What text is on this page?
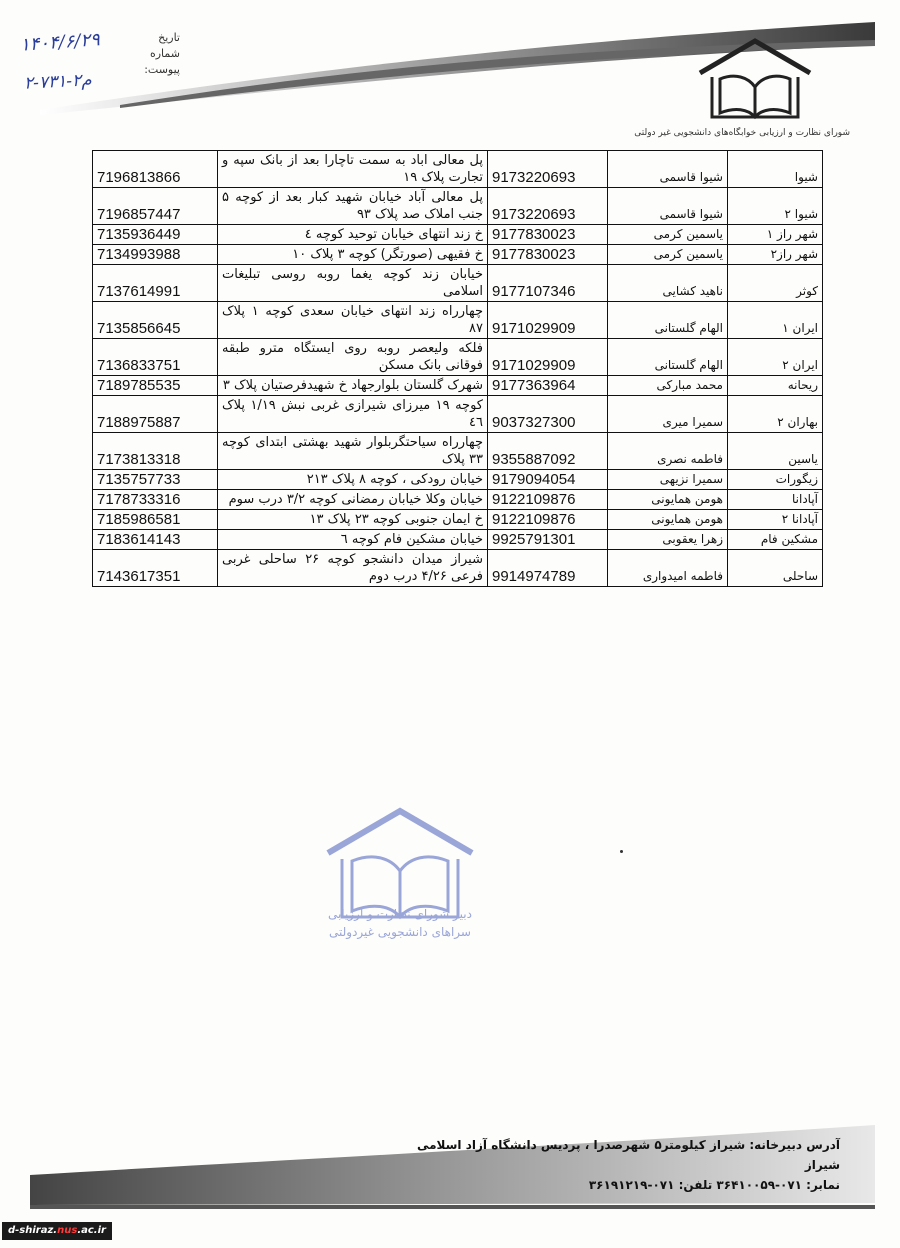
تاریخ
شماره
پیوست:
۱۴۰۴/۶/۲۹
۲-۷۳۱-۲م
شورای نظارت و ارزیابی خوابگاه‌های دانشجویی غیر دولتی
7196813866	پل معالی اباد به سمت تاچارا بعد از بانک سپه و تجارت پلاک ۱۹	9173220693	شیوا قاسمی	شیوا
7196857447	پل معالی آباد خیابان شهید کبار بعد از کوچه ۵ جنب املاک صد پلاک ۹۳	9173220693	شیوا قاسمی	شیوا ۲
7135936449	خ زند انتهای خیابان توحید کوچه ٤	9177830023	یاسمین کرمی	شهر راز ۱
7134993988	خ فقیهی (صورتگر) کوچه ۳ پلاک ۱۰	9177830023	یاسمین کرمی	شهر راز۲
7137614991	خیابان زند کوچه یغما روبه روسی تبلیغات اسلامی	9177107346	ناهید کشایی	کوثر
7135856645	چهارراه زند انتهای خیابان سعدی کوچه ۱ پلاک ۸۷	9171029909	الهام گلستانی	ایران ۱
7136833751	فلکه ولیعصر روبه روی ایستگاه مترو طبقه فوقانی بانک مسکن	9171029909	الهام گلستانی	ایران ۲
7189785535	شهرک گلستان بلوارجهاد خ شهیدفرصتیان پلاک ۳	9177363964	محمد مبارکی	ریحانه
7188975887	کوچه ۱۹ میرزای شیرازی غربی نبش ۱/۱۹ پلاک ٤٦	9037327300	سمیرا میری	بهاران ۲
7173813318	چهارراه سیاحتگربلوار شهید بهشتی ابتدای کوچه ۳۳ پلاک	9355887092	فاطمه نصری	یاسین
7135757733	خیابان رودکی ، کوچه ۸ پلاک ۲۱۳	9179094054	سمیرا نزیهی	زیگورات
7178733316	خیابان وکلا خیابان رمضانی کوچه ۳/۲ درب سوم	9122109876	هومن همایونی	آپادانا
7185986581	خ ایمان جنوبی کوچه ۲۳ پلاک ۱۳	9122109876	هومن همایونی	آپادانا ۲
7183614143	خیابان مشکین فام کوچه ٦	9925791301	زهرا یعقوبی	مشکین فام
7143617351	شیراز میدان دانشجو کوچه ۲۶ ساحلی غربی فرعی ۴/۲۶ درب دوم	9914974789	فاطمه امیدواری	ساحلی
دبیر شورای نظارت و ارزیابی
سراهای دانشجویی غیردولتی
آدرس دبیرخانه: شیراز کیلومتر۵ شهرصدرا ، پردیس دانشگاه آزاد اسلامی شیراز
نمابر: ۰۷۱-۳۶۴۱۰۰۵۹ تلفن: ۰۷۱-۳۶۱۹۱۲۱۹
d-shiraz.nus.ac.ir
